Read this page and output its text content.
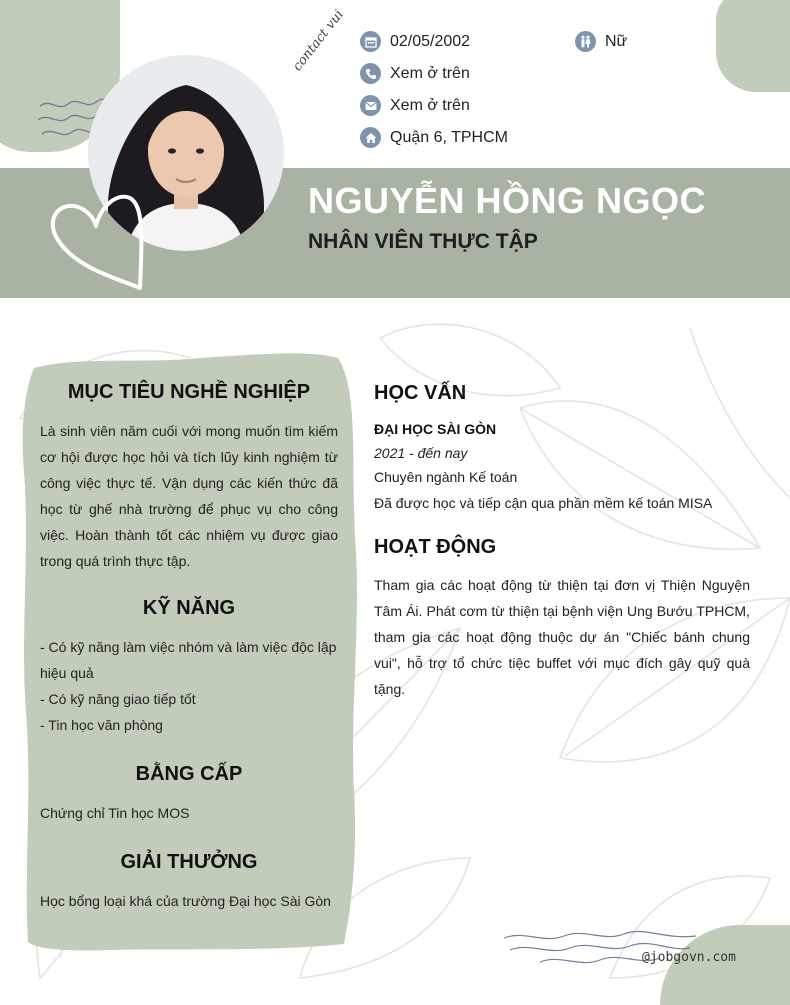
contact vui	02/05/2002	Nữ
Xem ở trên
Xem ở trên
Quận 6, TPHCM
NGUYỄN HỒNG NGỌC
NHÂN VIÊN THỰC TẬP
MỤC TIÊU NGHỀ NGHIỆP

Là sinh viên năm cuối với mong muốn tìm kiếm cơ hội được học hỏi và tích lũy kinh nghiệm từ công việc thực tế. Vận dụng các kiến thức đã học từ ghế nhà trường để phục vụ cho công việc. Hoàn thành tốt các nhiệm vụ được giao trong quá trình thực tập.

KỸ NĂNG

- Có kỹ năng làm việc nhóm và làm việc độc lập hiệu quả

- Có kỹ năng giao tiếp tốt

- Tin học văn phòng

BẰNG CẤP

Chứng chỉ Tin học MOS

GIẢI THƯỞNG

Học bổng loại khá của trường Đại học Sài Gòn

HỌC VẤN

ĐẠI HỌC SÀI GÒN

2021 - đến nay

Chuyên ngành Kế toán

Đã được học và tiếp cận qua phần mềm kế toán MISA

HOẠT ĐỘNG

Tham gia các hoạt động từ thiện tại đơn vị Thiện Nguyện Tâm Ái. Phát cơm từ thiện tại bệnh viện Ung Bướu TPHCM, tham gia các hoạt động thuộc dự án "Chiếc bánh chung vui", hỗ trợ tổ chức tiệc buffet với mục đích gây quỹ quà tặng.

@jobgovn.com
